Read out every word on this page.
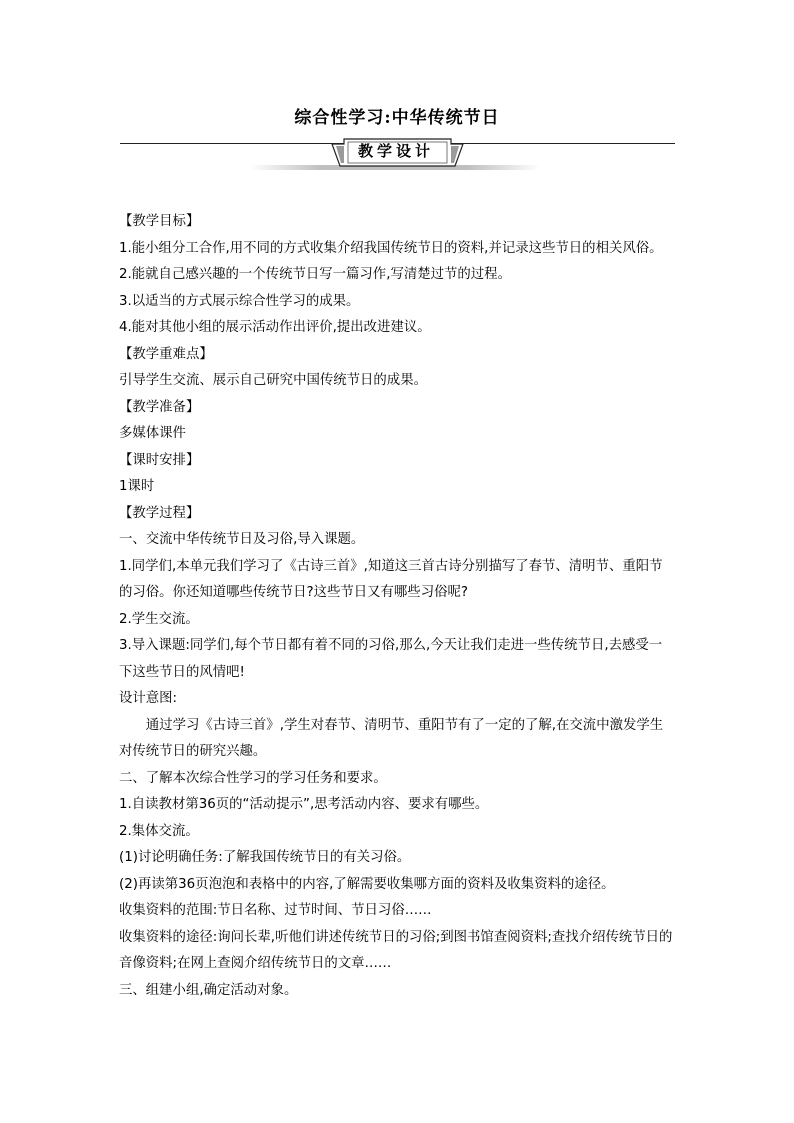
综合性学习:中华传统节日
教学设计

【教学目标】

1.能小组分工合作,用不同的方式收集介绍我国传统节日的资料,并记录这些节日的相关风俗。

2.能就自己感兴趣的一个传统节日写一篇习作,写清楚过节的过程。

3.以适当的方式展示综合性学习的成果。

4.能对其他小组的展示活动作出评价,提出改进建议。

【教学重难点】

引导学生交流、展示自己研究中国传统节日的成果。

【教学准备】

多媒体课件

【课时安排】

1课时

【教学过程】

一、交流中华传统节日及习俗,导入课题。

1.同学们,本单元我们学习了《古诗三首》,知道这三首古诗分别描写了春节、清明节、重阳节的习俗。你还知道哪些传统节日?这些节日又有哪些习俗呢?

2.学生交流。

3.导入课题:同学们,每个节日都有着不同的习俗,那么,今天让我们走进一些传统节日,去感受一下这些节日的风情吧!

设计意图:

通过学习《古诗三首》,学生对春节、清明节、重阳节有了一定的了解,在交流中激发学生对传统节日的研究兴趣。

二、了解本次综合性学习的学习任务和要求。

1.自读教材第36页的“活动提示”,思考活动内容、要求有哪些。

2.集体交流。

(1)讨论明确任务:了解我国传统节日的有关习俗。

(2)再读第36页泡泡和表格中的内容,了解需要收集哪方面的资料及收集资料的途径。

收集资料的范围:节日名称、过节时间、节日习俗……

收集资料的途径:询问长辈,听他们讲述传统节日的习俗;到图书馆查阅资料;查找介绍传统节日的音像资料;在网上查阅介绍传统节日的文章……

三、组建小组,确定活动对象。
